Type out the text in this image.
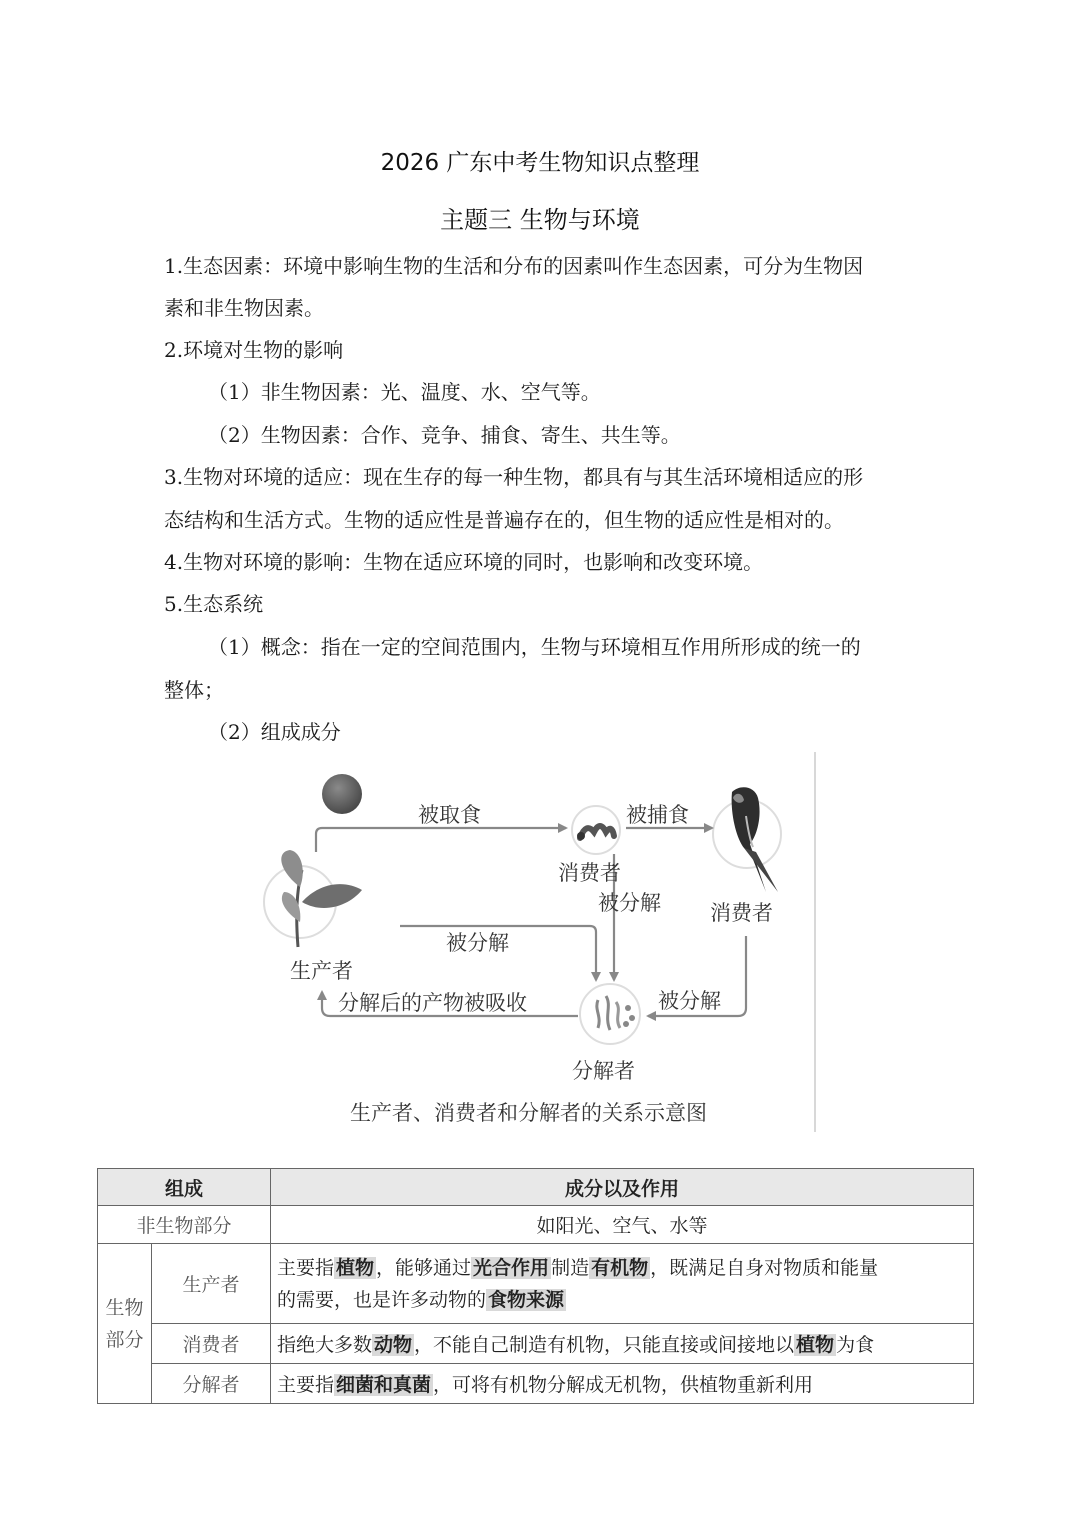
2026 广东中考生物知识点整理
主题三 生物与环境
1.生态因素：环境中影响生物的生活和分布的因素叫作生态因素，可分为生物因
素和非生物因素。
2.环境对生物的影响
（1）非生物因素：光、温度、水、空气等。
（2）生物因素：合作、竞争、捕食、寄生、共生等。
3.生物对环境的适应：现在生存的每一种生物，都具有与其生活环境相适应的形
态结构和生活方式。生物的适应性是普遍存在的，但生物的适应性是相对的。
4.生物对环境的影响：生物在适应环境的同时，也影响和改变环境。
5.生态系统
（1）概念：指在一定的空间范围内，生物与环境相互作用所形成的统一的
整体；
（2）组成成分
被取食	被捕食
消费者
被分解 消费者
被分解
生产者
分解后的产物被吸收	被分解
分解者
生产者、消费者和分解者的关系示意图
组成		成分以及作用
非生物部分		如阳光、空气、水等
生物
部分	生产者	主要指 植物 ，能够通过 光合作用 制造 有机物 ，既满足自身对物质和能量
的需要，也是许多动物的 食物来源
	消费者	指绝大多数 动物 ，不能自己制造有机物，只能直接或间接地以 植物 为食
	分解者	主要指 细菌和真菌 ，可将有机物分解成无机物，供植物重新利用
